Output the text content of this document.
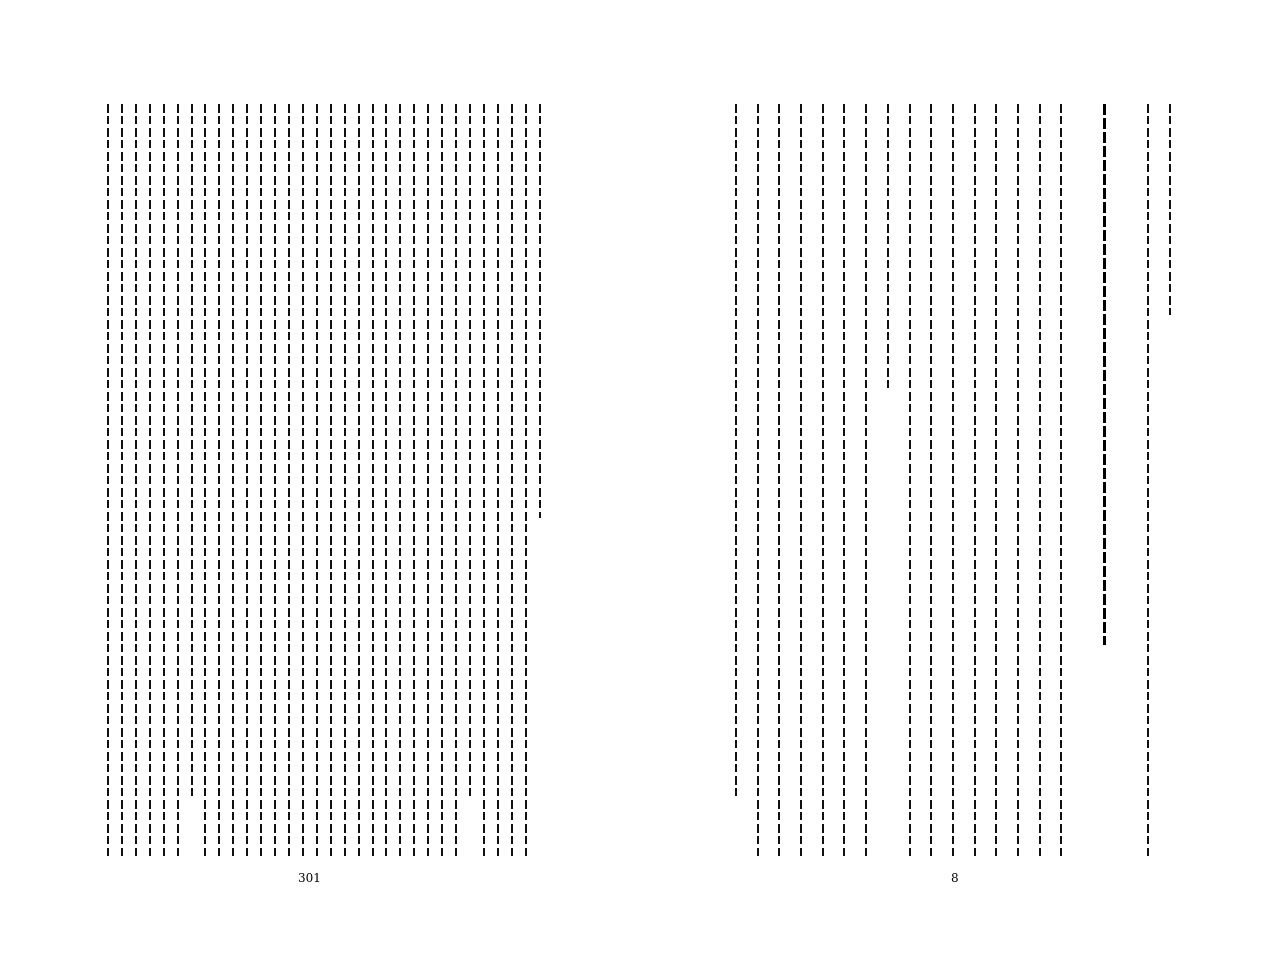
301	8
